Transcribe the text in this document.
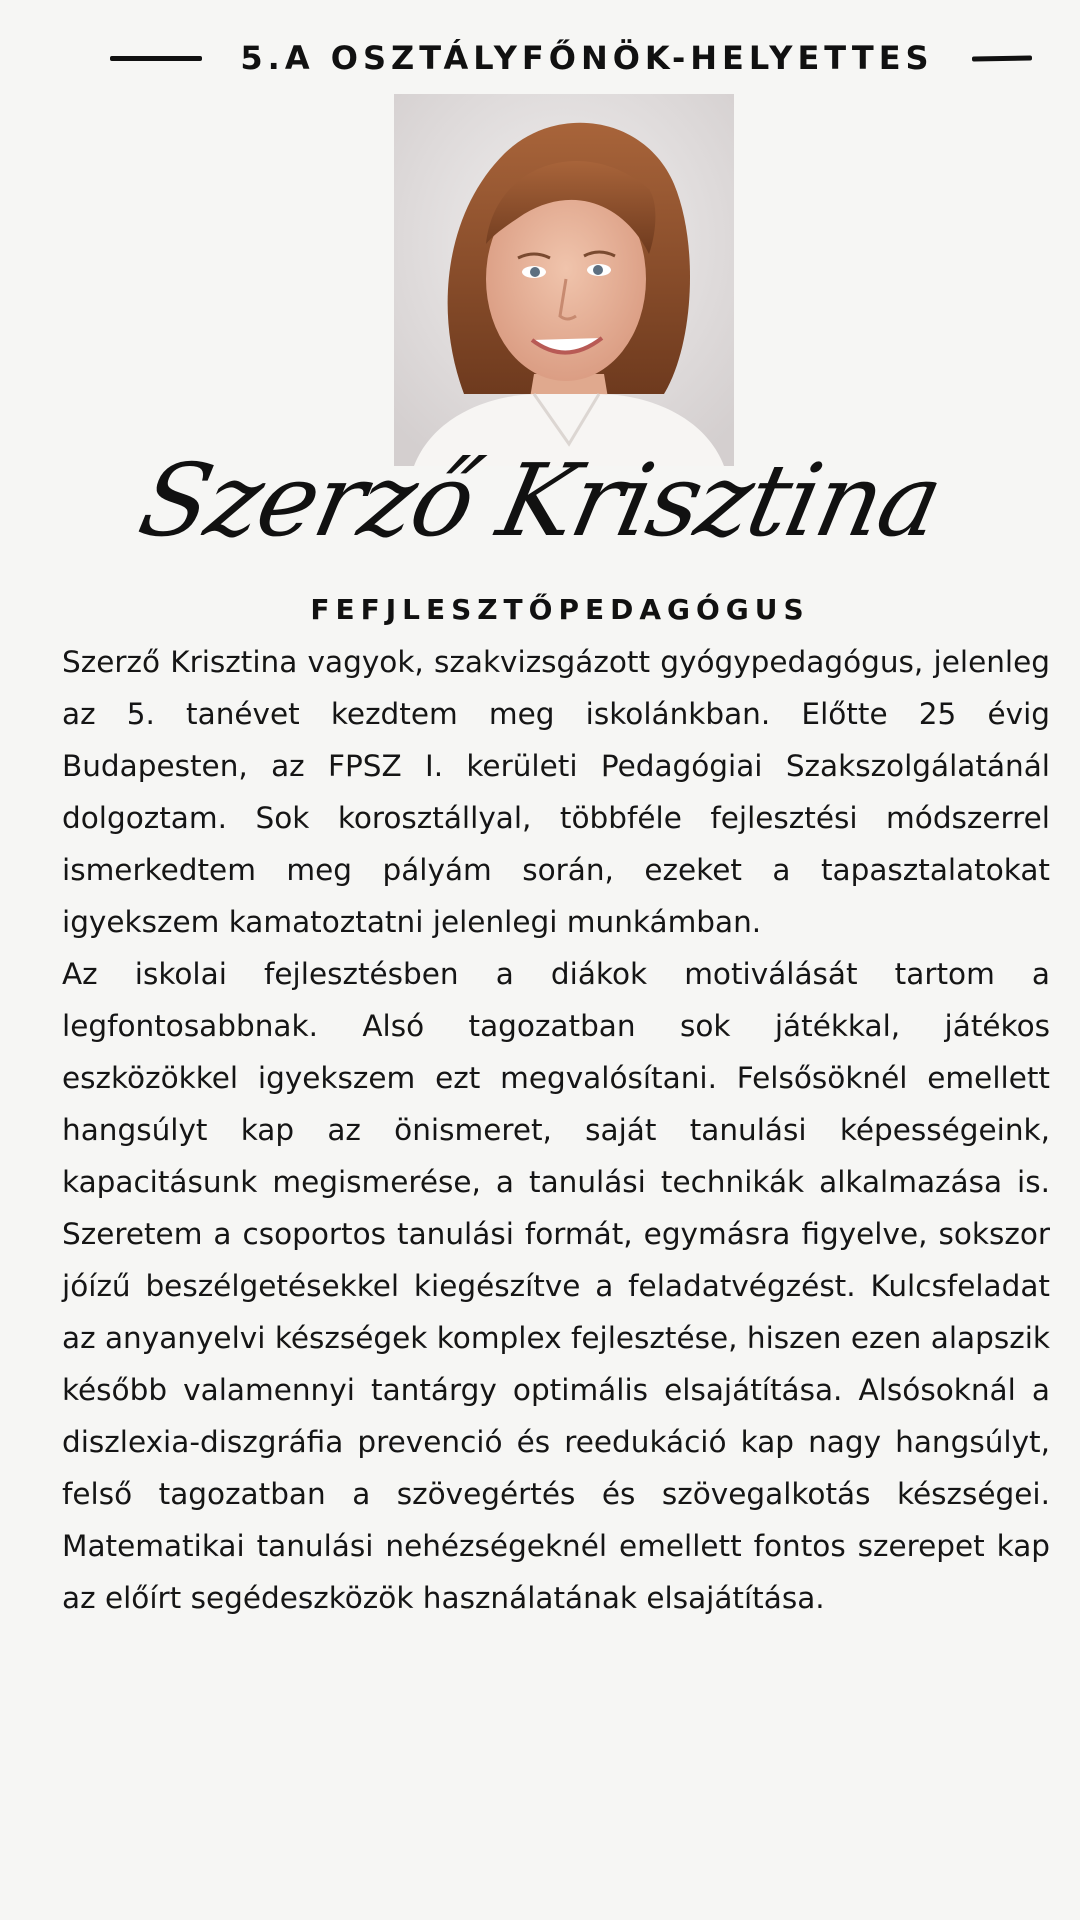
5.A OSZTÁLYFŐNÖK-HELYETTES
Szerző Krisztina
FEFJLESZTŐPEDAGÓGUS

Szerző Krisztina vagyok, szakvizsgázott gyógypedagógus, jelenleg az 5. tanévet kezdtem meg iskolánkban. Előtte 25 évig Budapesten, az FPSZ I. kerületi Pedagógiai Szakszolgálatánál dolgoztam. Sok korosztállyal, többféle fejlesztési módszerrel ismerkedtem meg pályám során, ezeket a tapasztalatokat igyekszem kamatoztatni jelenlegi munkámban.

Az iskolai fejlesztésben a diákok motiválását tartom a legfontosabbnak. Alsó tagozatban sok játékkal, játékos eszközökkel igyekszem ezt megvalósítani. Felsősöknél emellett hangsúlyt kap az önismeret, saját tanulási képességeink, kapacitásunk megismerése, a tanulási technikák alkalmazása is. Szeretem a csoportos tanulási formát, egymásra figyelve, sokszor jóízű beszélgetésekkel kiegészítve a feladatvégzést. Kulcsfeladat az anyanyelvi készségek komplex fejlesztése, hiszen ezen alapszik később valamennyi tantárgy optimális elsajátítása. Alsósoknál a diszlexia-diszgráfia prevenció és reedukáció kap nagy hangsúlyt, felső tagozatban a szövegértés és szövegalkotás készségei. Matematikai tanulási nehézségeknél emellett fontos szerepet kap az előírt segédeszközök használatának elsajátítása.
